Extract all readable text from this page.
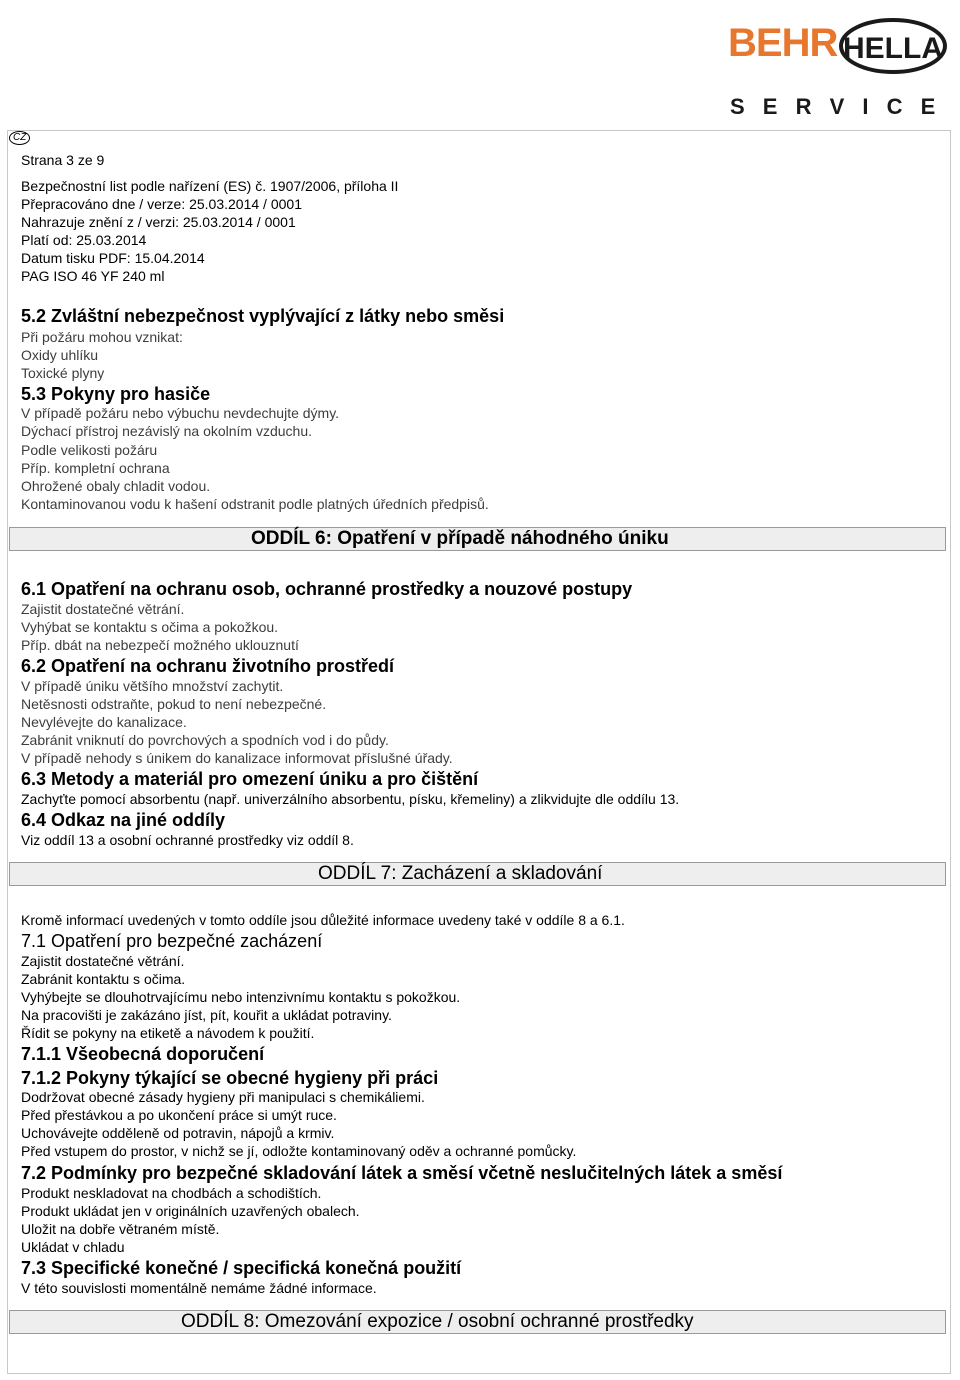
BEHR HELLA
S E R V I C E
CZ
Strana 3 ze 9
Bezpečnostní list podle nařízení (ES) č. 1907/2006, příloha II
Přepracováno dne / verze: 25.03.2014 / 0001
Nahrazuje znění z / verzi: 25.03.2014 / 0001
Platí od: 25.03.2014
Datum tisku PDF: 15.04.2014
PAG ISO 46 YF 240 ml
5.2 Zvláštní nebezpečnost vyplývající z látky nebo směsi
Při požáru mohou vznikat:
Oxidy uhlíku
Toxické plyny
5.3 Pokyny pro hasiče
V případě požáru nebo výbuchu nevdechujte dýmy.
Dýchací přístroj nezávislý na okolním vzduchu.
Podle velikosti požáru
Příp. kompletní ochrana
Ohrožené obaly chladit vodou.
Kontaminovanou vodu k hašení odstranit podle platných úředních předpisů.
ODDÍL 6: Opatření v případě náhodného úniku
6.1 Opatření na ochranu osob, ochranné prostředky a nouzové postupy
Zajistit dostatečné větrání.
Vyhýbat se kontaktu s očima a pokožkou.
Příp. dbát na nebezpečí možného uklouznutí
6.2 Opatření na ochranu životního prostředí
V případě úniku většího množství zachytit.
Netěsnosti odstraňte, pokud to není nebezpečné.
Nevylévejte do kanalizace.
Zabránit vniknutí do povrchových a spodních vod i do půdy.
V případě nehody s únikem do kanalizace informovat příslušné úřady.
6.3 Metody a materiál pro omezení úniku a pro čištění
Zachyťte pomocí absorbentu (např. univerzálního absorbentu, písku, křemeliny) a zlikvidujte dle oddílu 13.
6.4 Odkaz na jiné oddíly
Viz oddíl 13 a osobní ochranné prostředky viz oddíl 8.
ODDÍL 7: Zacházení a skladování
Kromě informací uvedených v tomto oddíle jsou důležité informace uvedeny také v oddíle 8 a 6.1.
7.1 Opatření pro bezpečné zacházení
Zajistit dostatečné větrání.
Zabránit kontaktu s očima.
Vyhýbejte se dlouhotrvajícímu nebo intenzivnímu kontaktu s pokožkou.
Na pracovišti je zakázáno jíst, pít, kouřit a ukládat potraviny.
Řídit se pokyny na etiketě a návodem k použití.
7.1.1 Všeobecná doporučení
7.1.2 Pokyny týkající se obecné hygieny při práci
Dodržovat obecné zásady hygieny při manipulaci s chemikáliemi.
Před přestávkou a po ukončení práce si umýt ruce.
Uchovávejte odděleně od potravin, nápojů a krmiv.
Před vstupem do prostor, v nichž se jí, odložte kontaminovaný oděv a ochranné pomůcky.
7.2 Podmínky pro bezpečné skladování látek a směsí včetně neslučitelných látek a směsí
Produkt neskladovat na chodbách a schodištích.
Produkt ukládat jen v originálních uzavřených obalech.
Uložit na dobře větraném místě.
Ukládat v chladu
7.3 Specifické konečné / specifická konečná použití
V této souvislosti momentálně nemáme žádné informace.
ODDÍL 8: Omezování expozice / osobní ochranné prostředky
